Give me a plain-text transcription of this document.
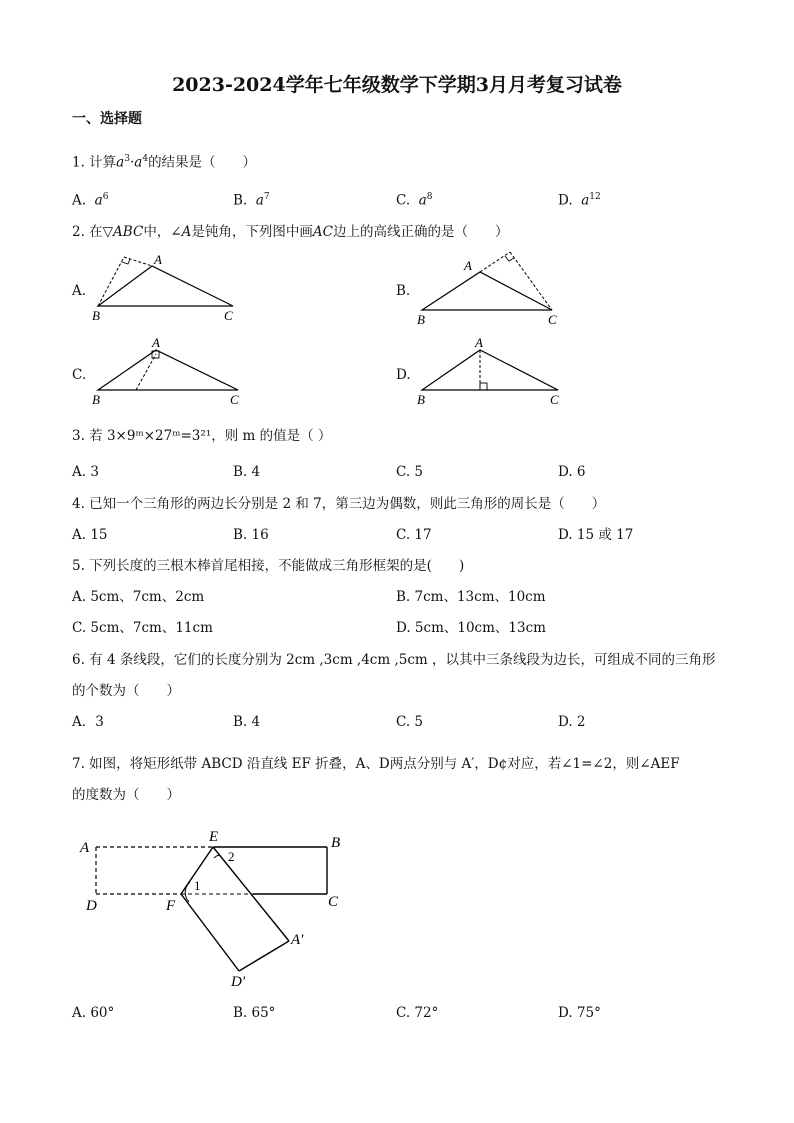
2023-2024学年七年级数学下学期3月月考复习试卷
一、选择题
1. 计算$a^3\cdot a^4$的结果是（　　）
A. $a^6$	B. $a^7$	C. $a^8$	D. $a^{12}$
2. 在▽ABC中，∠A是钝角，下列图中画AC边上的高线正确的是（　　）
A.
A
B	C
B.
A
B	C
C.
A
B	C
D.
A
B	C
3. 若 3×9ᵐ×27ᵐ=3²¹，则 m 的值是（ ）
A. 3	B. 4	C. 5	D. 6
4. 已知一个三角形的两边长分别是 2 和 7，第三边为偶数，则此三角形的周长是（　　）
A. 15	B. 16	C. 17	D. 15 或 17
5. 下列长度的三根木棒首尾相接，不能做成三角形框架的是(　　)
A. 5cm、7cm、2cm	B. 7cm、13cm、10cm
C. 5cm、7cm、11cm	D. 5cm、10cm、13cm
6. 有 4 条线段，它们的长度分别为 2cm ,3cm ,4cm ,5cm ，以其中三条线段为边长，可组成不同的三角形
的个数为（　　）
A．3	B. 4	C. 5	D. 2
7. 如图，将矩形纸带 ABCD 沿直线 EF 折叠，A、D两点分别与 A′，D¢对应，若∠1=∠2，则∠AEF
的度数为（　　）
A
E	B
C
D	F
A′
D′
1
2
A. 60°	B. 65°	C. 72°	D. 75°
